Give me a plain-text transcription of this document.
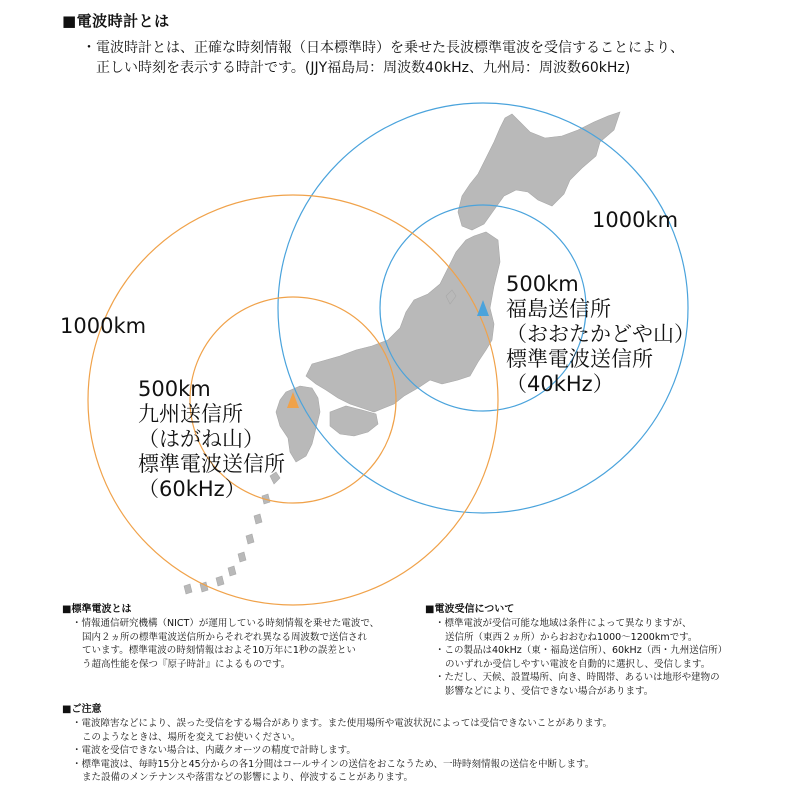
■電波時計とは
・電波時計とは、正確な時刻情報（日本標準時）を乗せた長波標準電波を受信することにより、
正しい時刻を表示する時計です。(JJY福島局：周波数40kHz、九州局：周波数60kHz)
1000km
500km
福島送信所
（おおたかどや山）
標準電波送信所
（40kHz）
1000km
500km
九州送信所
（はがね山）
標準電波送信所
（60kHz）
■標準電波とは
・情報通信研究機構（NICT）が運用している時刻情報を乗せた電波で、
国内２ヵ所の標準電波送信所からそれぞれ異なる周波数で送信され
ています。標準電波の時刻情報はおよそ10万年に1秒の誤差とい
う超高性能を保つ『原子時計』によるものです。
■電波受信について
・標準電波が受信可能な地域は条件によって異なりますが、
送信所（東西２ヵ所）からおおむね1000～1200kmです。
・この製品は40kHz（東・福島送信所）、60kHz（西・九州送信所）
のいずれか受信しやすい電波を自動的に選択し、受信します。
・ただし、天候、設置場所、向き、時間帯、あるいは地形や建物の
影響などにより、受信できない場合があります。
■ご注意
・電波障害などにより、誤った受信をする場合があります。また使用場所や電波状況によっては受信できないことがあります。
このようなときは、場所を変えてお使いください。
・電波を受信できない場合は、内蔵クオーツの精度で計時します。
・標準電波は、毎時15分と45分からの各1分間はコールサインの送信をおこなうため、一時時刻情報の送信を中断します。
また設備のメンテナンスや落雷などの影響により、停波することがあります。
